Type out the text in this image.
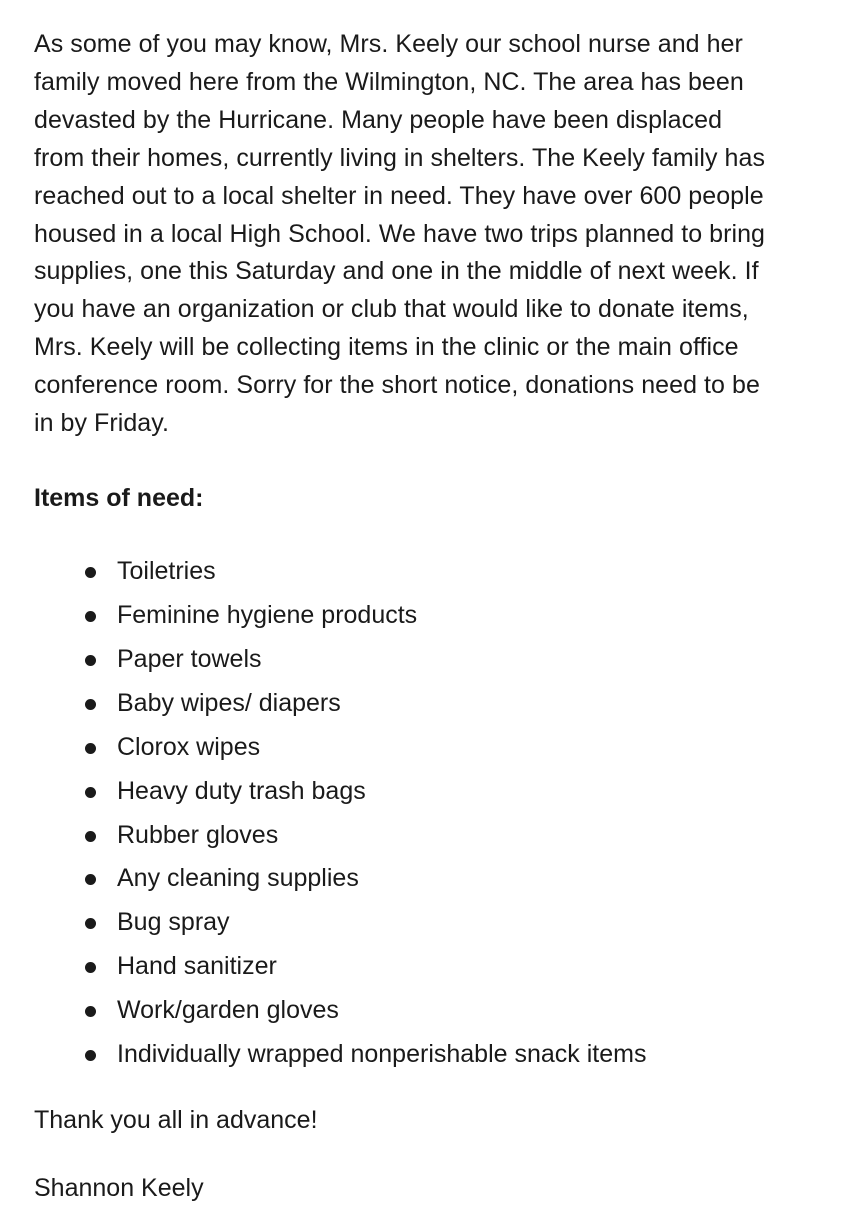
As some of you may know, Mrs. Keely our school nurse and her
family moved here from the Wilmington, NC. The area has been
devasted by the Hurricane. Many people have been displaced
from their homes, currently living in shelters. The Keely family has
reached out to a local shelter in need. They have over 600 people
housed in a local High School. We have two trips planned to bring
supplies, one this Saturday and one in the middle of next week. If
you have an organization or club that would like to donate items,
Mrs. Keely will be collecting items in the clinic or the main office
conference room. Sorry for the short notice, donations need to be
in by Friday.

Items of need:
Toiletries
Feminine hygiene products
Paper towels
Baby wipes/ diapers
Clorox wipes
Heavy duty trash bags
Rubber gloves
Any cleaning supplies
Bug spray
Hand sanitizer
Work/garden gloves
Individually wrapped nonperishable snack items

Thank you all in advance!

Shannon Keely
